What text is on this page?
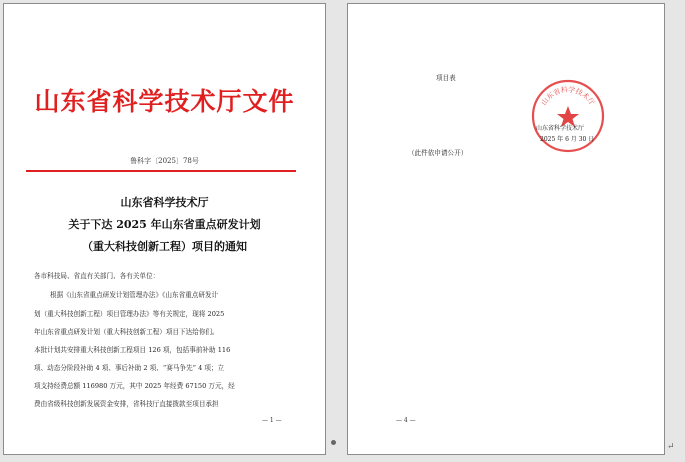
山东省科学技术厅文件
鲁科字〔2025〕78号
山东省科学技术厅
关于下达 2025 年山东省重点研发计划
（重大科技创新工程）项目的通知
各市科技局、省直有关部门、各有关单位：
根据《山东省重点研发计划管理办法》《山东省重点研发计
划（重大科技创新工程）项目管理办法》等有关规定，现将 2025
年山东省重点研发计划（重大科技创新工程）项目下达给你们。
本批计划共安排重大科技创新工程项目 126 项，包括事前补助 116
项、动态分阶段补助 4 项、事后补助 2 项、“赛马争先” 4 项；立
项支持经费总额 116980 万元，其中 2025 年经费 67150 万元，经
费由省级科技创新发展资金安排，省科技厅直接拨款至项目承担
— 1 —
项目表
（此件依申请公开）
山东省科学技术厅
山东省科学技术厅
2025 年 6 月 30 日
— 4 —
↵
